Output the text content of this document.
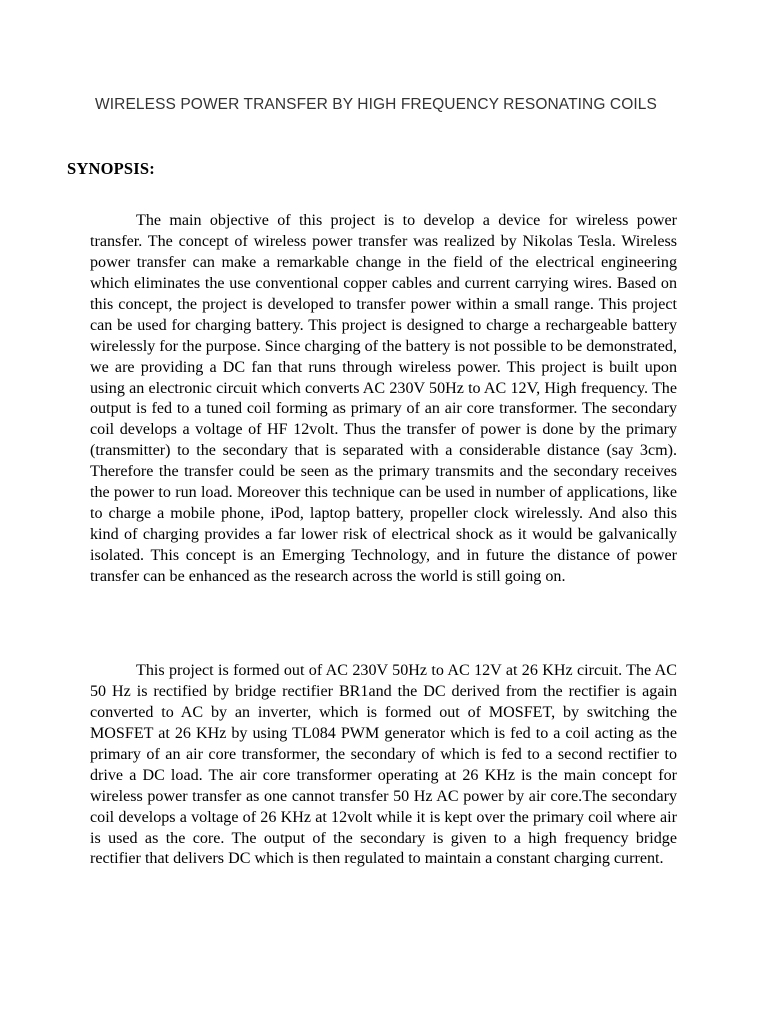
WIRELESS POWER TRANSFER BY HIGH FREQUENCY RESONATING COILS
SYNOPSIS:

The main objective of this project is to develop a device for wireless power transfer. The concept of wireless power transfer was realized by Nikolas Tesla. Wireless power transfer can make a remarkable change in the field of the electrical engineering which eliminates the use conventional copper cables and current carrying wires. Based on this concept, the project is developed to transfer power within a small range. This project can be used for charging battery. This project is designed to charge a rechargeable battery wirelessly for the purpose. Since charging of the battery is not possible to be demonstrated, we are providing a DC fan that runs through wireless power. This project is built upon using an electronic circuit which converts AC 230V 50Hz to AC 12V, High frequency. The output is fed to a tuned coil forming as primary of an air core transformer. The secondary coil develops a voltage of HF 12volt. Thus the transfer of power is done by the primary (transmitter) to the secondary that is separated with a considerable distance (say 3cm). Therefore the transfer could be seen as the primary transmits and the secondary receives the power to run load. Moreover this technique can be used in number of applications, like to charge a mobile phone, iPod, laptop battery, propeller clock wirelessly. And also this kind of charging provides a far lower risk of electrical shock as it would be galvanically isolated. This concept is an Emerging Technology, and in future the distance of power transfer can be enhanced as the research across the world is still going on.

This project is formed out of AC 230V 50Hz to AC 12V at 26 KHz circuit. The AC 50 Hz is rectified by bridge rectifier BR1and the DC derived from the rectifier is again converted to AC by an inverter, which is formed out of MOSFET, by switching the MOSFET at 26 KHz by using TL084 PWM generator which is fed to a coil acting as the primary of an air core transformer, the secondary of which is fed to a second rectifier to drive a DC load. The air core transformer operating at 26 KHz is the main concept for wireless power transfer as one cannot transfer 50 Hz AC power by air core.The secondary coil develops a voltage of 26 KHz at 12volt while it is kept over the primary coil where air is used as the core. The output of the secondary is given to a high frequency bridge rectifier that delivers DC which is then regulated to maintain a constant charging current.
